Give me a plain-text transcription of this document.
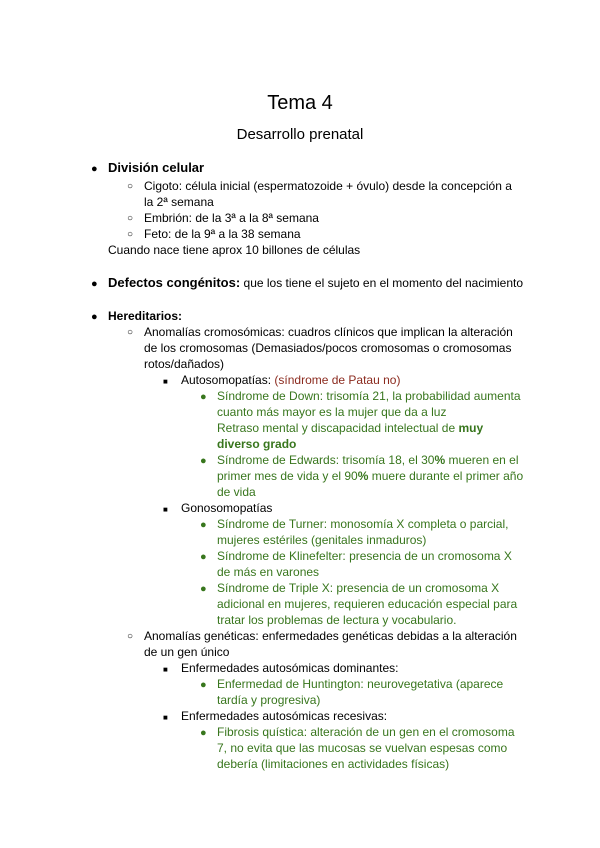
Tema 4
Desarrollo prenatal
● División celular
○ Cigoto: célula inicial (espermatozoide + óvulo) desde la concepción a
la 2ª semana
○ Embrión: de la 3ª a la 8ª semana
○ Feto: de la 9ª a la 38 semana
Cuando nace tiene aprox 10 billones de células
● Defectos congénitos: que los tiene el sujeto en el momento del nacimiento
● Hereditarios:
○ Anomalías cromosómicas: cuadros clínicos que implican la alteración
de los cromosomas (Demasiados/pocos cromosomas o cromosomas
rotos/dañados)
■ Autosomopatías: (síndrome de Patau no)
● Síndrome de Down: trisomía 21, la probabilidad aumenta
cuanto más mayor es la mujer que da a luz
Retraso mental y discapacidad intelectual de muy
diverso grado
● Síndrome de Edwards: trisomía 18, el 30% mueren en el
primer mes de vida y el 90% muere durante el primer año
de vida
■ Gonosomopatías
● Síndrome de Turner: monosomía X completa o parcial,
mujeres estériles (genitales inmaduros)
● Síndrome de Klinefelter: presencia de un cromosoma X
de más en varones
● Síndrome de Triple X: presencia de un cromosoma X
adicional en mujeres, requieren educación especial para
tratar los problemas de lectura y vocabulario.
○ Anomalías genéticas: enfermedades genéticas debidas a la alteración
de un gen único
■ Enfermedades autosómicas dominantes:
● Enfermedad de Huntington: neurovegetativa (aparece
tardía y progresiva)
■ Enfermedades autosómicas recesivas:
● Fibrosis quística: alteración de un gen en el cromosoma
7, no evita que las mucosas se vuelvan espesas como
debería (limitaciones en actividades físicas)
